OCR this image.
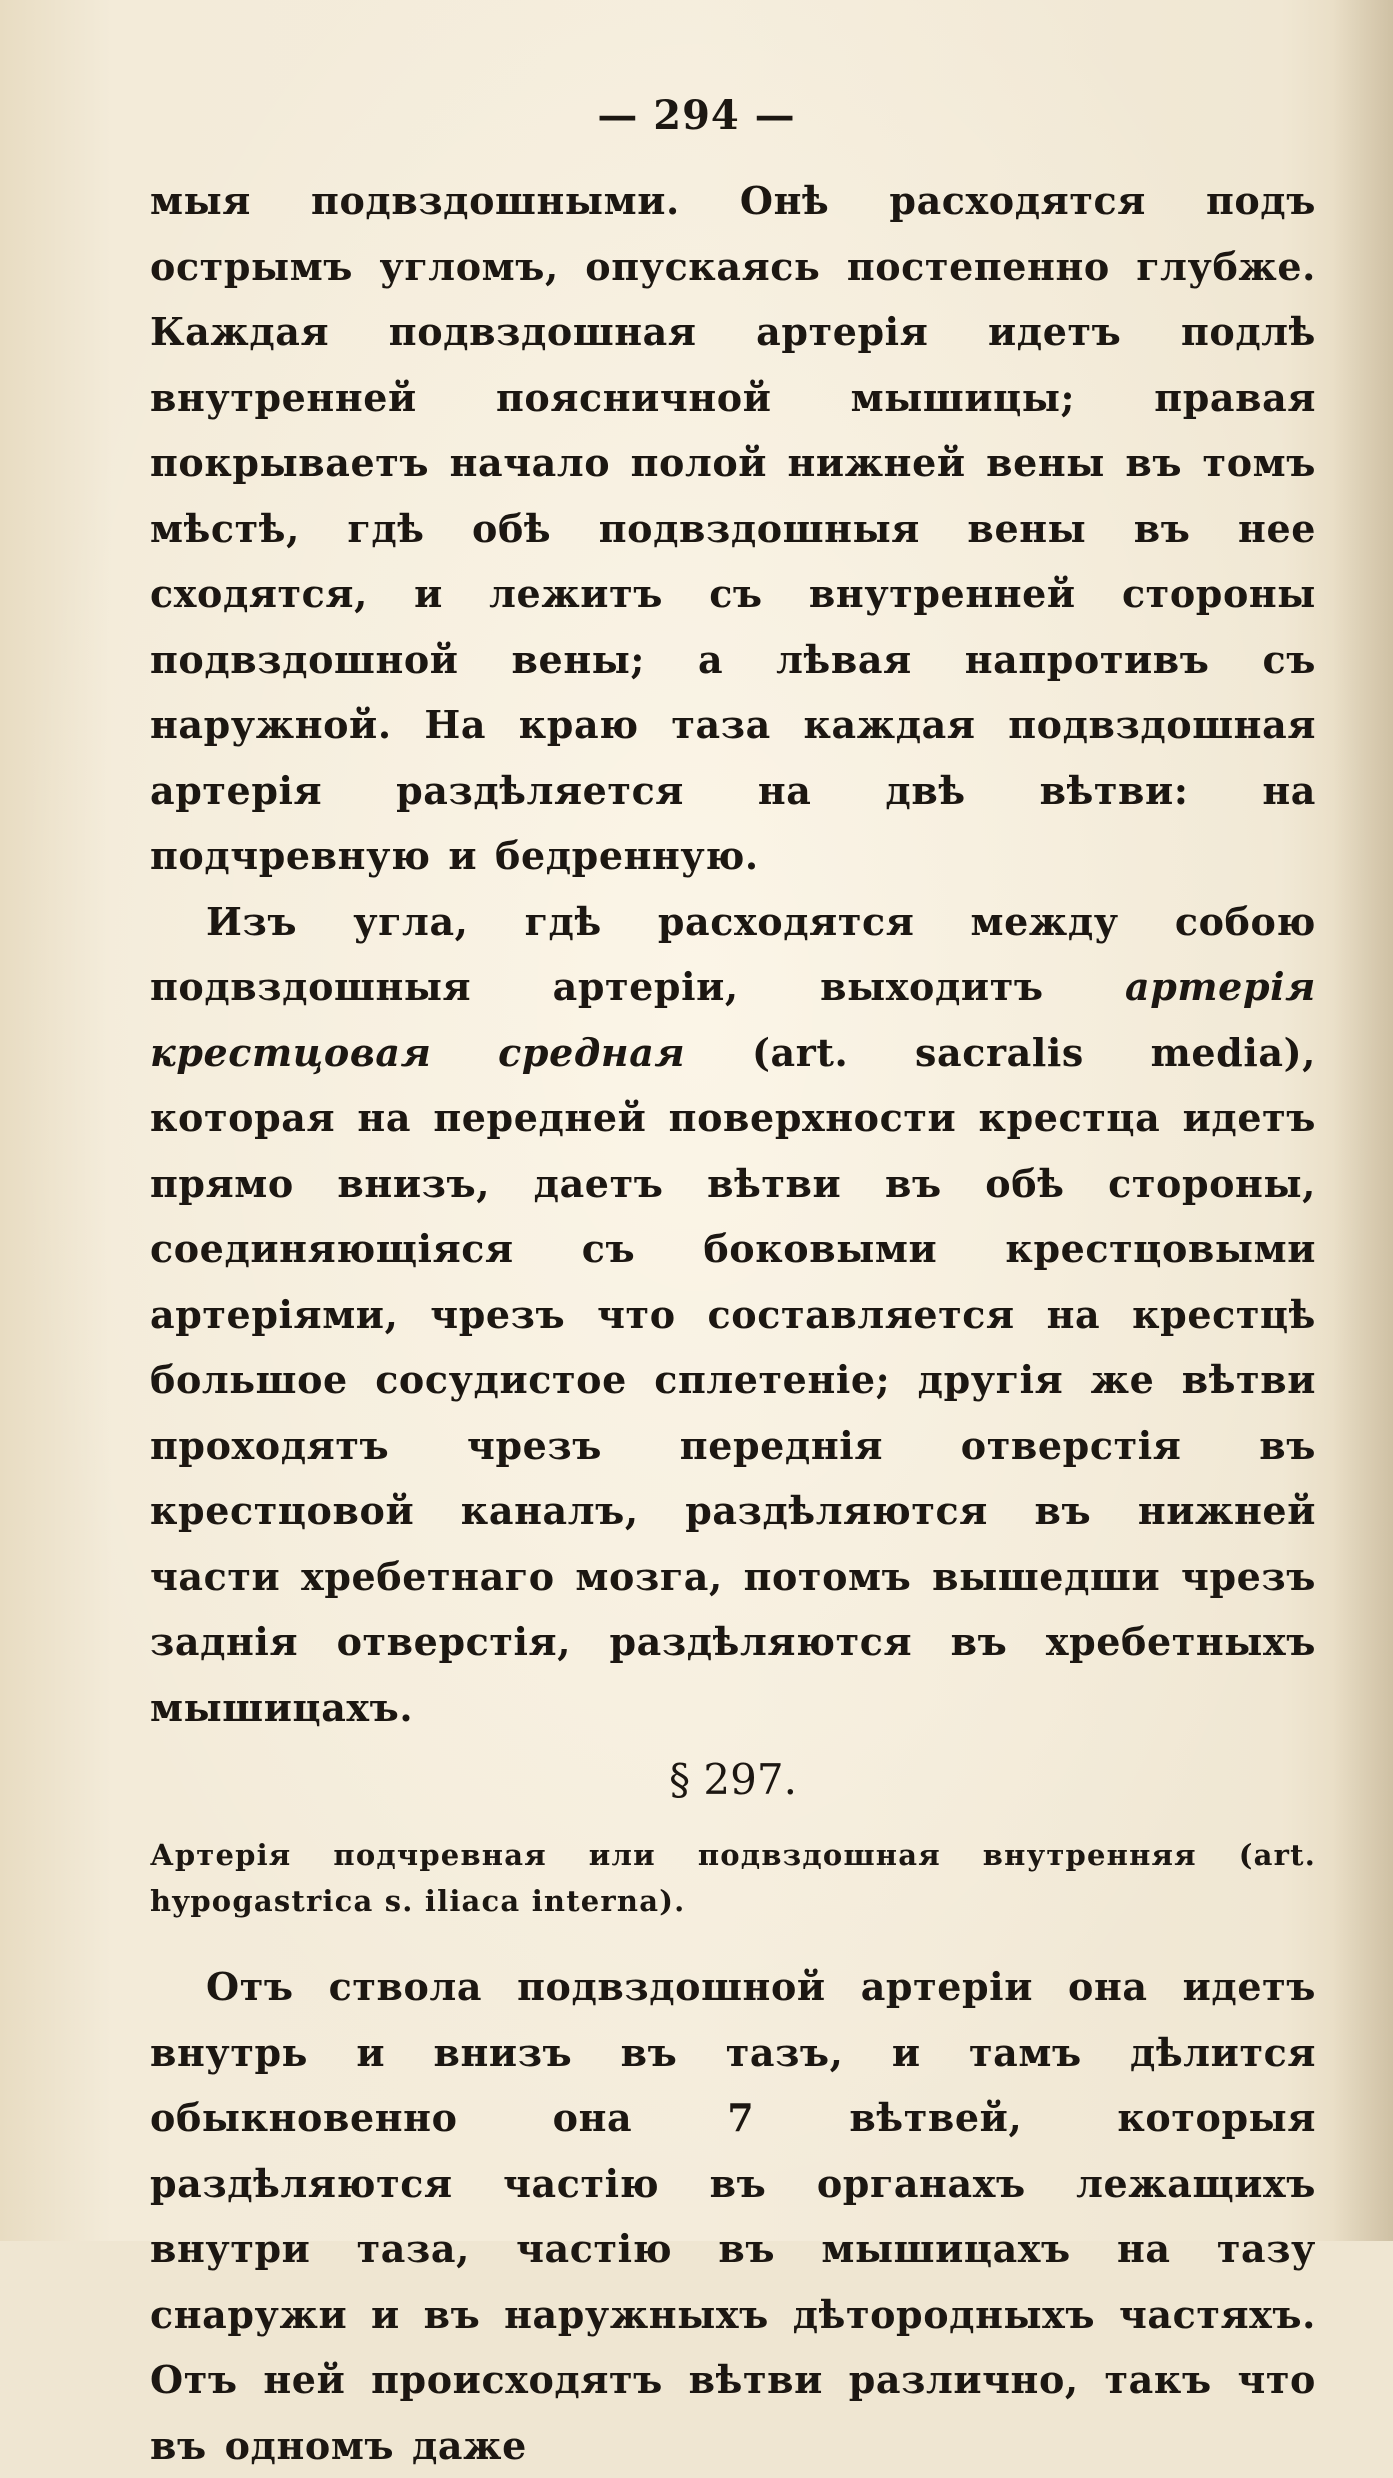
— 294 —

мыя подвздошными. Онѣ расходятся подъ острымъ угломъ, опускаясь постепенно глубже. Каждая подвздошная артерія идетъ подлѣ внутренней поясничной мышицы; правая покрываетъ начало полой нижней вены въ томъ мѣстѣ, гдѣ обѣ подвздошныя вены въ нее сходятся, и лежитъ съ внутренней стороны подвздошной вены; а лѣвая напротивъ съ наружной. На краю таза каждая подвздошная артерія раздѣляется на двѣ вѣтви: на подчревную и бедренную.

Изъ угла, гдѣ расходятся между собою подвздошныя артеріи, выходитъ артерія крестцовая средная (art. sacralis media), которая на передней поверхности крестца идетъ прямо внизъ, даетъ вѣтви въ обѣ стороны, соединяющіяся съ боковыми крестцовыми артеріями, чрезъ что составляется на крестцѣ большое сосудистое сплетеніе; другія же вѣтви проходятъ чрезъ переднія отверстія въ крестцовой каналъ, раздѣляются въ нижней части хребетнаго мозга, потомъ вышедши чрезъ заднія отверстія, раздѣляются въ хребетныхъ мышицахъ.

§ 297.
Артерія подчревная или подвздошная внутренняя (art. hypogastrica s. iliaca interna).

Отъ ствола подвздошной артеріи она идетъ внутрь и внизъ въ тазъ, и тамъ дѣлится обыкновенно она 7 вѣтвей, которыя раздѣляются частію въ органахъ лежащихъ внутри таза, частію въ мышицахъ на тазу снаружи и въ наружныхъ дѣтородныхъ частяхъ. Отъ ней происходятъ вѣтви различно, такъ что въ одномъ даже
